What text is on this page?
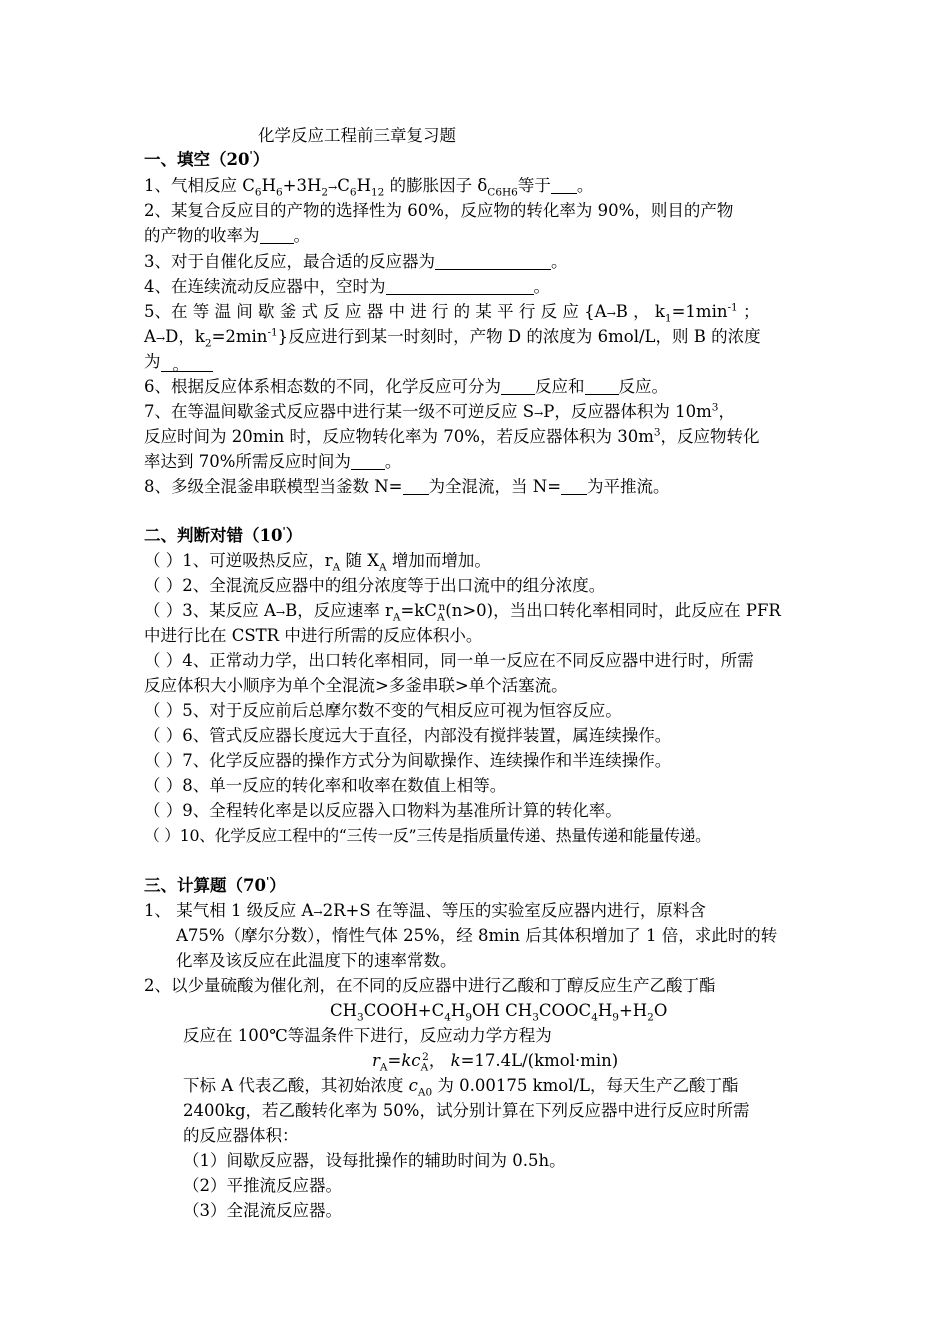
化学反应工程前三章复习题
一、填空（20'）
1、气相反应 $C_6H_6+3H_2\to C_6H_{12}$ 的膨胀因子 $\delta_{C6H6}$等于 。
2、某复合反应目的产物的选择性为 60%，反应物的转化率为 90%，则目的产物
的产物的收率为 。
3、对于自催化反应，最合适的反应器为	。
4、在连续流动反应器中，空时为	。
5、在 等 温 间 歇 釜 式 反 应 器 中 进 行 的 某 平 行 反 应 {A→B ， $k_1=1\min^{-1}$ ；
A→D，$k_2=2\min^{-1}$}反应进行到某一时刻时，产物 D 的浓度为 6mol/L，则 B 的浓度
为 。
6、根据反应体系相态数的不同，化学反应可分为 反应和 反应。
7、在等温间歇釜式反应器中进行某一级不可逆反应 S→P，反应器体积为 $10m^3$，
反应时间为 20min 时，反应物转化率为 70%，若反应器体积为 $30m^3$，反应物转化
率达到 70%所需反应时间为 。
8、多级全混釜串联模型当釜数 N= 为全混流，当 N= 为平推流。
二、判断对错（10'）
（ ）1、可逆吸热反应，$r_A$ 随 $X_A$ 增加而增加。
（ ）2、全混流反应器中的组分浓度等于出口流中的组分浓度。
（ ）3、某反应 A→B，反应速率 $r_A=kC_A^n(n>0)$，当出口转化率相同时，此反应在 PFR
中进行比在 CSTR 中进行所需的反应体积小。
（ ）4、正常动力学，出口转化率相同，同一单一反应在不同反应器中进行时，所需
反应体积大小顺序为单个全混流>多釜串联>单个活塞流。
（ ）5、对于反应前后总摩尔数不变的气相反应可视为恒容反应。
（ ）6、管式反应器长度远大于直径，内部没有搅拌装置，属连续操作。
（ ）7、化学反应器的操作方式分为间歇操作、连续操作和半连续操作。
（ ）8、单一反应的转化率和收率在数值上相等。
（ ）9、全程转化率是以反应器入口物料为基准所计算的转化率。
（ ）10、化学反应工程中的“三传一反”三传是指质量传递、热量传递和能量传递。
三、计算题（70'）
1、 某气相 1 级反应 A→2R+S 在等温、等压的实验室反应器内进行，原料含
A75%（摩尔分数），惰性气体 25%，经 8min 后其体积增加了 1 倍，求此时的转
化率及该反应在此温度下的速率常数。
2、以少量硫酸为催化剂，在不同的反应器中进行乙酸和丁醇反应生产乙酸丁酯
$CH_3COOH+C_4H_9OH$ $CH_3COOC_4H_9+H_2O$
反应在 100℃等温条件下进行，反应动力学方程为
$r_A=kc_A^2$， k=17.4L/(kmol·min)
下标 A 代表乙酸，其初始浓度 $c_{A0}$ 为 0.00175 kmol/L，每天生产乙酸丁酯
2400kg，若乙酸转化率为 50%，试分别计算在下列反应器中进行反应时所需
的反应器体积：
（1）间歇反应器，设每批操作的辅助时间为 0.5h。
（2）平推流反应器。
（3）全混流反应器。
